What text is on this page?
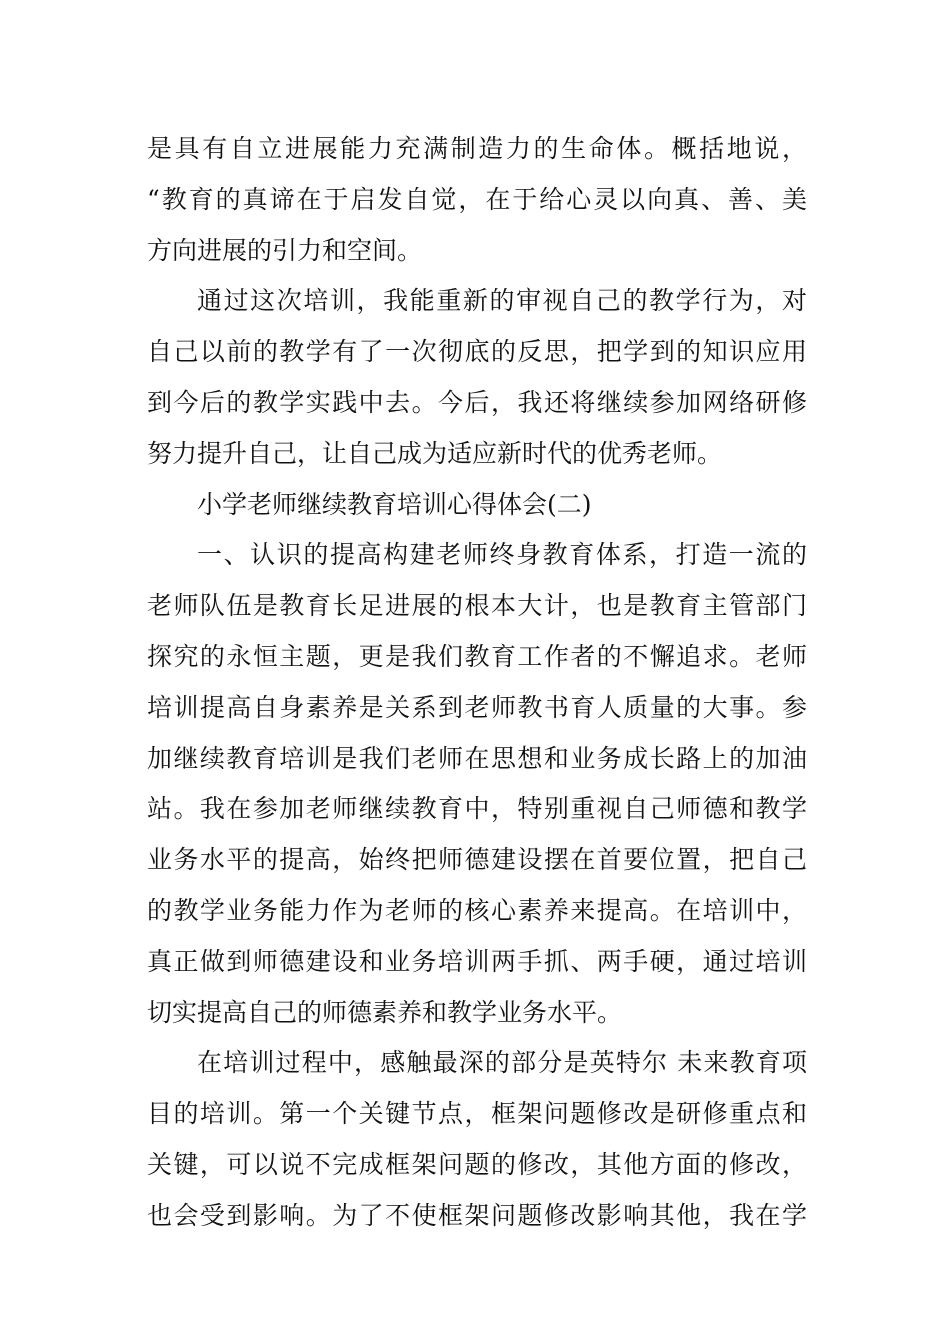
是具有自立进展能力充满制造力的生命体。概括地说，
“教育的真谛在于启发自觉，在于给心灵以向真、善、美
方向进展的引力和空间。
通过这次培训，我能重新的审视自己的教学行为，对
自己以前的教学有了一次彻底的反思，把学到的知识应用
到今后的教学实践中去。今后，我还将继续参加网络研修
努力提升自己，让自己成为适应新时代的优秀老师。
小学老师继续教育培训心得体会(二)
一、认识的提高构建老师终身教育体系，打造一流的
老师队伍是教育长足进展的根本大计，也是教育主管部门
探究的永恒主题，更是我们教育工作者的不懈追求。老师
培训提高自身素养是关系到老师教书育人质量的大事。参
加继续教育培训是我们老师在思想和业务成长路上的加油
站。我在参加老师继续教育中，特别重视自己师德和教学
业务水平的提高，始终把师德建设摆在首要位置，把自己
的教学业务能力作为老师的核心素养来提高。在培训中，
真正做到师德建设和业务培训两手抓、两手硬，通过培训
切实提高自己的师德素养和教学业务水平。
在培训过程中，感触最深的部分是英特尔 未来教育项
目的培训。第一个关键节点，框架问题修改是研修重点和
关键，可以说不完成框架问题的修改，其他方面的修改，
也会受到影响。为了不使框架问题修改影响其他，我在学
